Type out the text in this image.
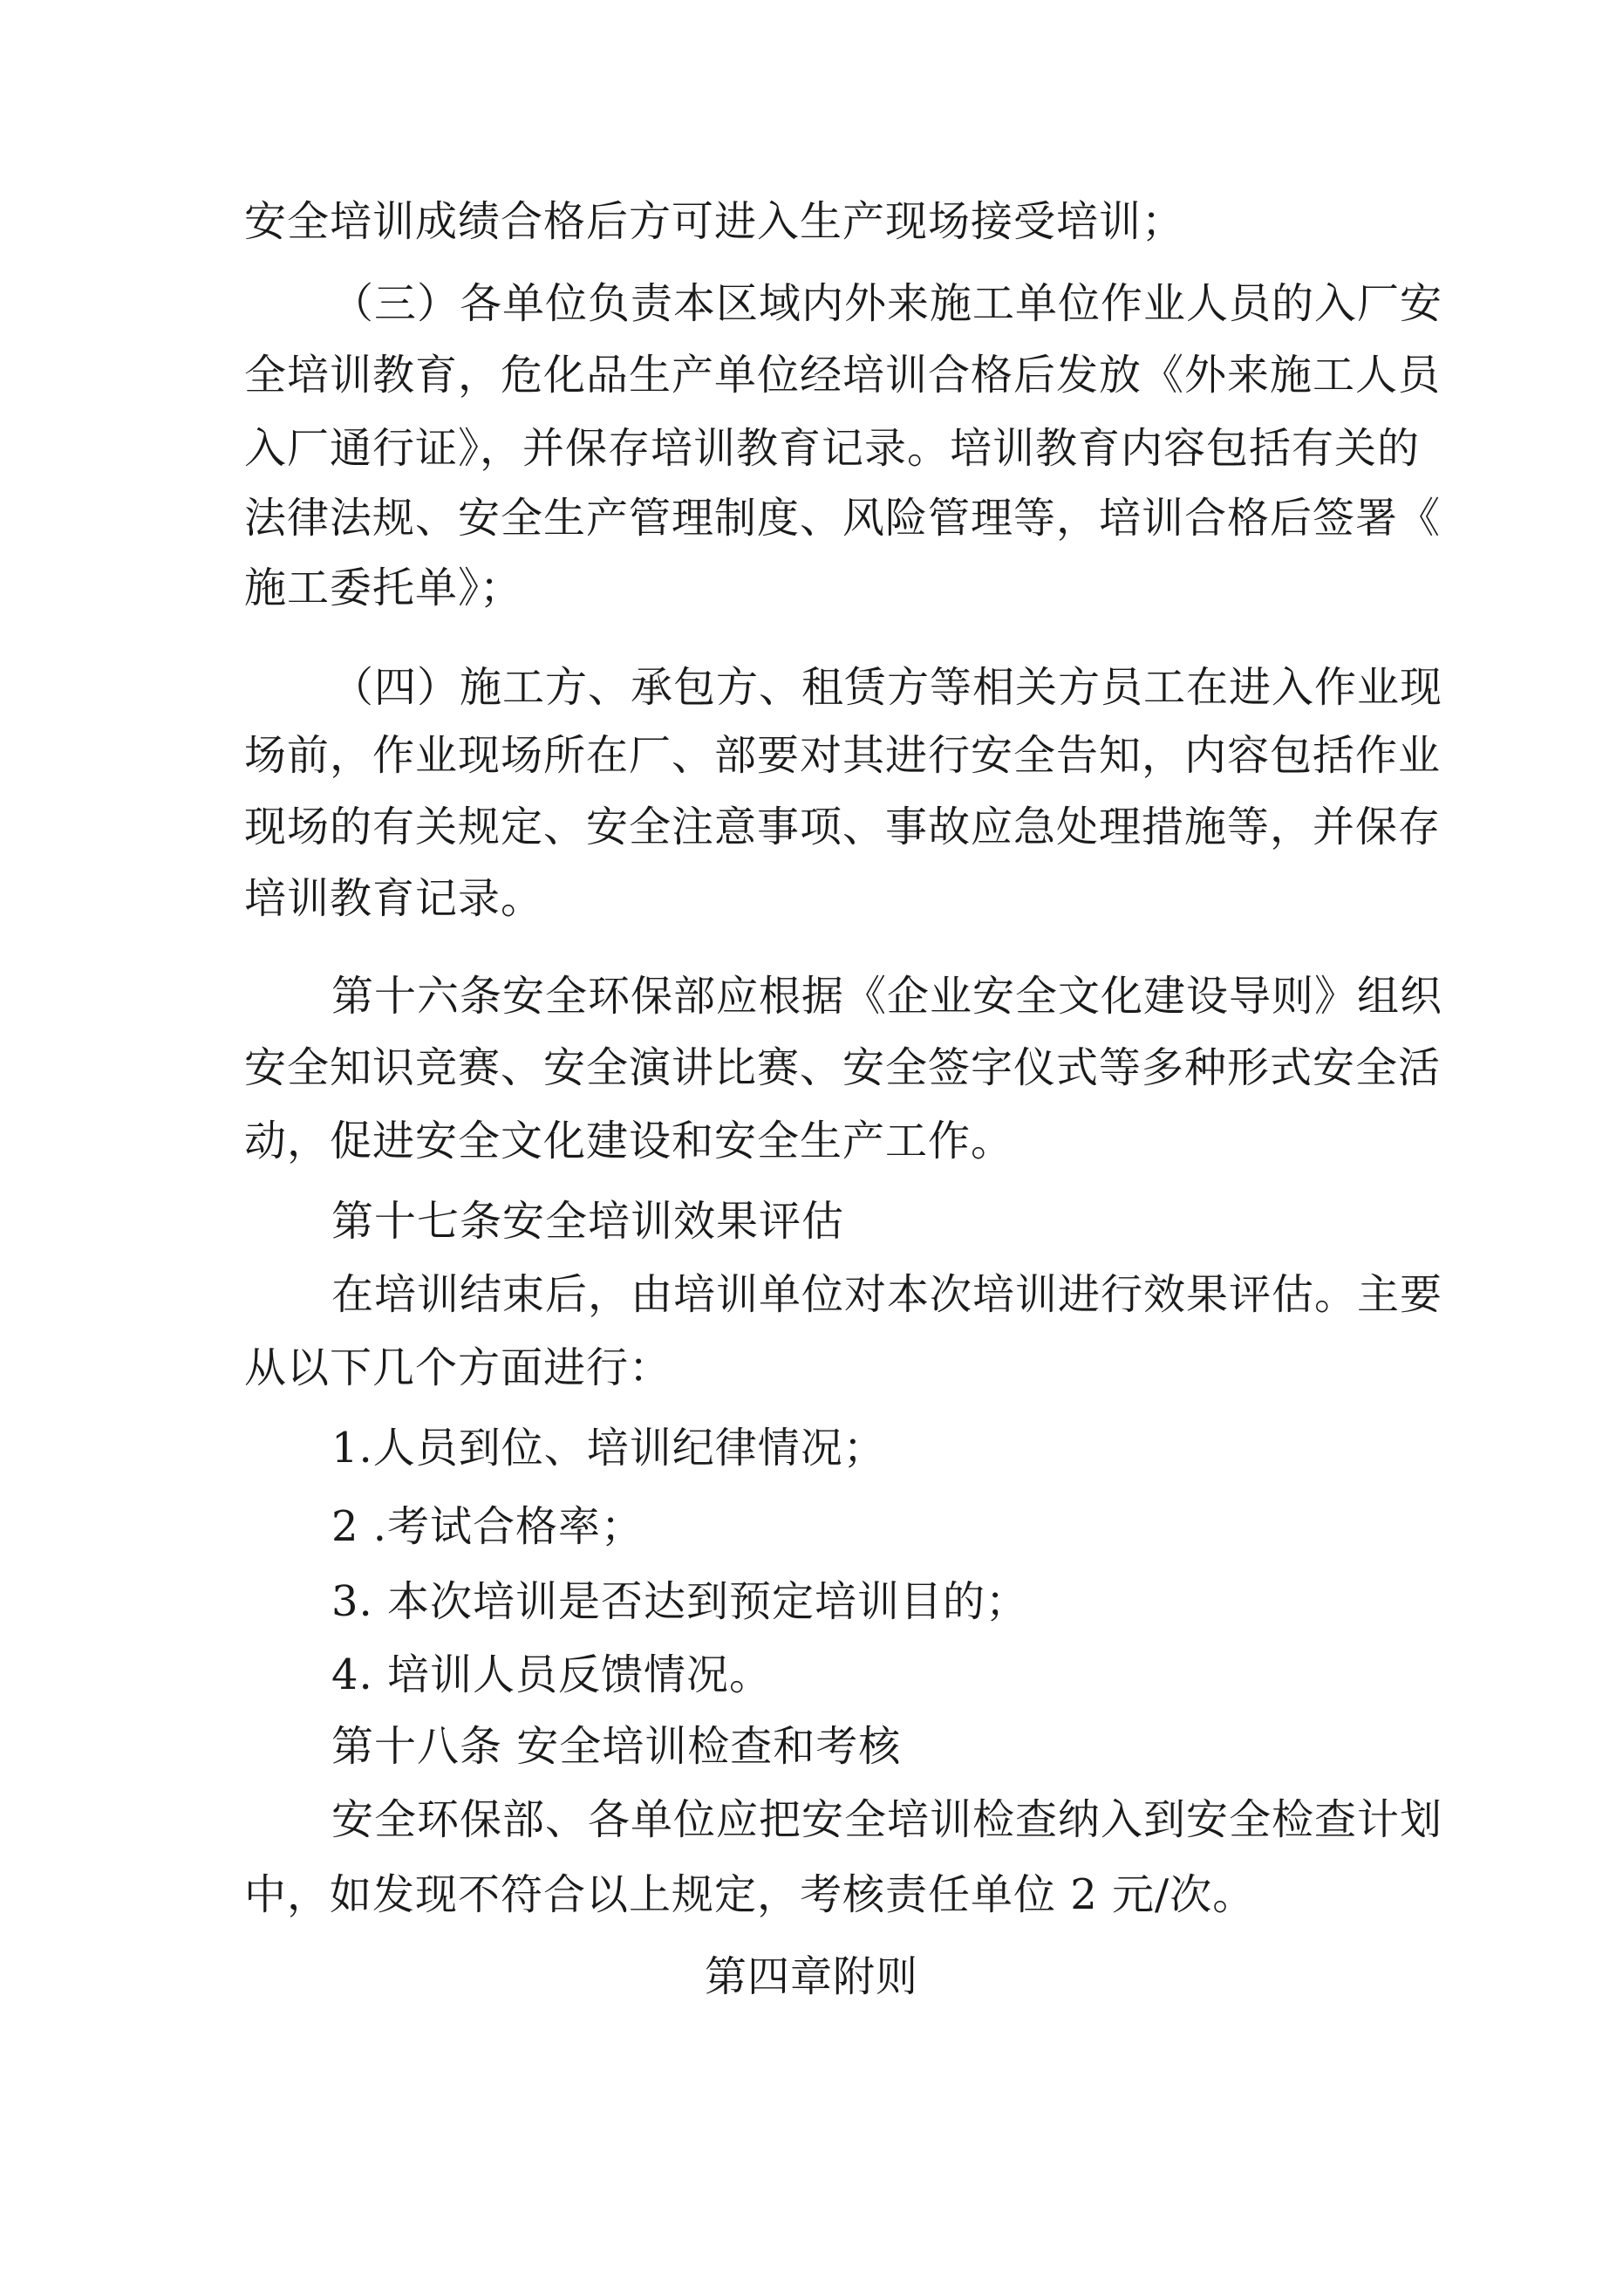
安全培训成绩合格后方可进入生产现场接受培训；
（三）各单位负责本区域内外来施工单位作业人员的入厂安
全培训教育，危化品生产单位经培训合格后发放《外来施工人员
入厂通行证》，并保存培训教育记录。培训教育内容包括有关的
法律法规、安全生产管理制度、风险管理等，培训合格后签署《
施工委托单》；
（四）施工方、承包方、租赁方等相关方员工在进入作业现
场前，作业现场所在厂、部要对其进行安全告知，内容包括作业
现场的有关规定、安全注意事项、事故应急处理措施等，并保存
培训教育记录。
第十六条安全环保部应根据《企业安全文化建设导则》组织
安全知识竞赛、安全演讲比赛、安全签字仪式等多种形式安全活
动，促进安全文化建设和安全生产工作。
第十七条安全培训效果评估
在培训结束后，由培训单位对本次培训进行效果评估。主要
从以下几个方面进行：
1.人员到位、培训纪律情况；
2 .考试合格率；
3. 本次培训是否达到预定培训目的；
4. 培训人员反馈情况。
第十八条 安全培训检查和考核
安全环保部、各单位应把安全培训检查纳入到安全检查计划
中，如发现不符合以上规定，考核责任单位 2 元/次。
第四章附则
